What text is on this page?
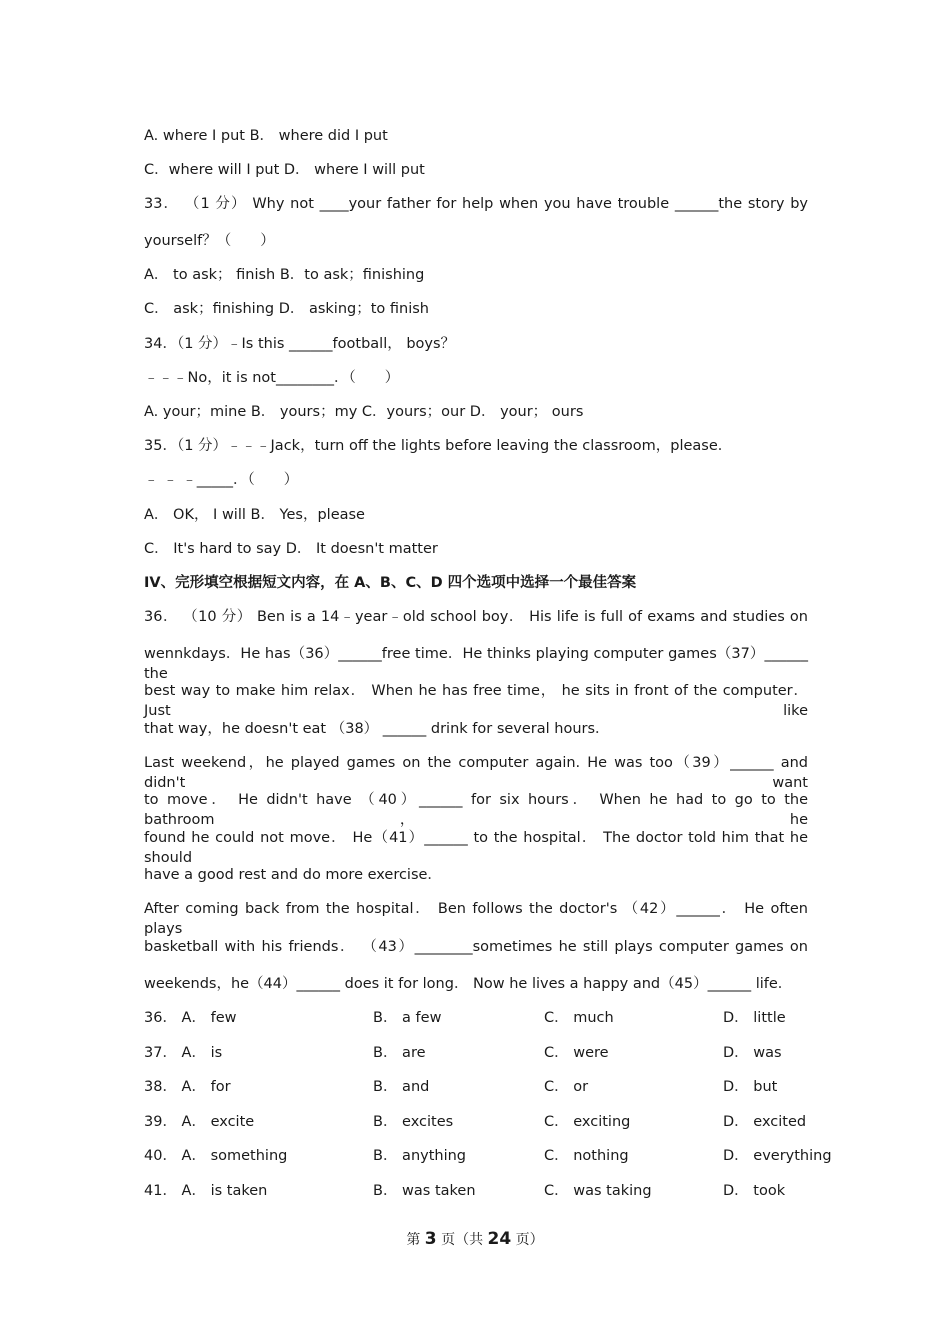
A. where I put B． where did I put
C．where will I put D． where I will put
33． （1 分） Why not ____your father for help when you have trouble ______the story by
yourself？（　　）
A． to ask； finish B．to ask；finishing
C． ask；finishing D． asking；to finish
34．（1 分）﹣Is this ______football， boys？
﹣﹣﹣No，it is not________．（　　）
A. your；mine B． yours；my C．yours；our D． your； ours
35．（1 分）﹣﹣﹣Jack，turn off the lights before leaving the classroom，please．
﹣ ﹣ ﹣_____．（　　）
A． OK， I will B． Yes，please
C． It's hard to say D． It doesn't matter
IV、完形填空根据短文内容，在 A、B、C、D 四个选项中选择一个最佳答案
36． （10 分） Ben is a 14﹣year﹣old school boy． His life is full of exams and studies on
wennkdays．He has（36）______free time．He thinks playing computer games（37）______ the
best way to make him relax． When he has free time， he sits in front of the computer． Just like
that way，he doesn't eat （38） ______ drink for several hours．
Last weekend，he played games on the computer again. He was too（39）______ and didn't want
to move． He didn't have （40）______ for six hours． When he had to go to the bathroom， he
found he could not move． He（41）______ to the hospital． The doctor told him that he should
have a good rest and do more exercise．
After coming back from the hospital． Ben follows the doctor's （42）______． He often plays
basketball with his friends． （43）________sometimes he still plays computer games on
weekends，he（44）______ does it for long． Now he lives a happy and（45）______ life．
36． A． few	B． a few	C． much	D． little
37． A． is	B． are	C． were	D． was
38． A． for	B． and	C． or	D． but
39． A． excite	B． excites	C． exciting	D． excited
40． A． something	B． anything	C． nothing	D． everything
41． A． is taken	B． was taken	C． was taking	D． took
第 3 页（共 24 页）
